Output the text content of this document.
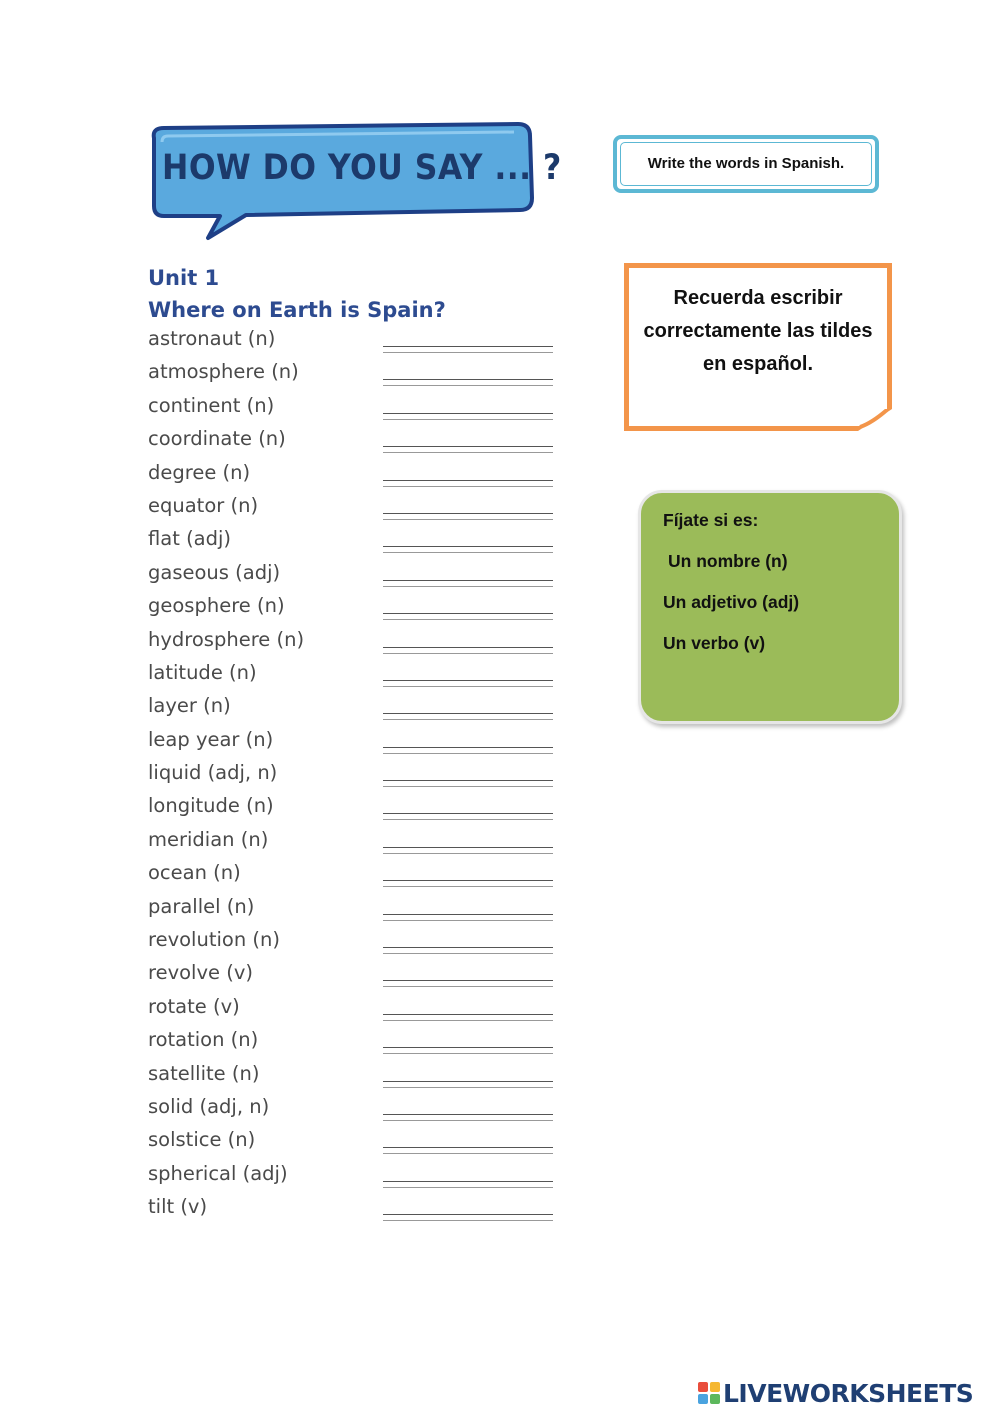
HOW DO YOU SAY ... ?
Unit 1
Where on Earth is Spain?
astronaut (n)
atmosphere (n)
continent (n)
coordinate (n)
degree (n)
equator (n)
flat (adj)
gaseous (adj)
geosphere (n)
hydrosphere (n)
latitude (n)
layer (n)
leap year (n)
liquid (adj, n)
longitude (n)
meridian (n)
ocean (n)
parallel (n)
revolution (n)
revolve (v)
rotate (v)
rotation (n)
satellite (n)
solid (adj, n)
solstice (n)
spherical (adj)
tilt (v)
Write the words in Spanish.
Recuerda escribir correctamente las tildes en español.
Fíjate si es:
Un nombre (n)
Un adjetivo (adj)
Un verbo (v)
LIVEWORKSHEETS
